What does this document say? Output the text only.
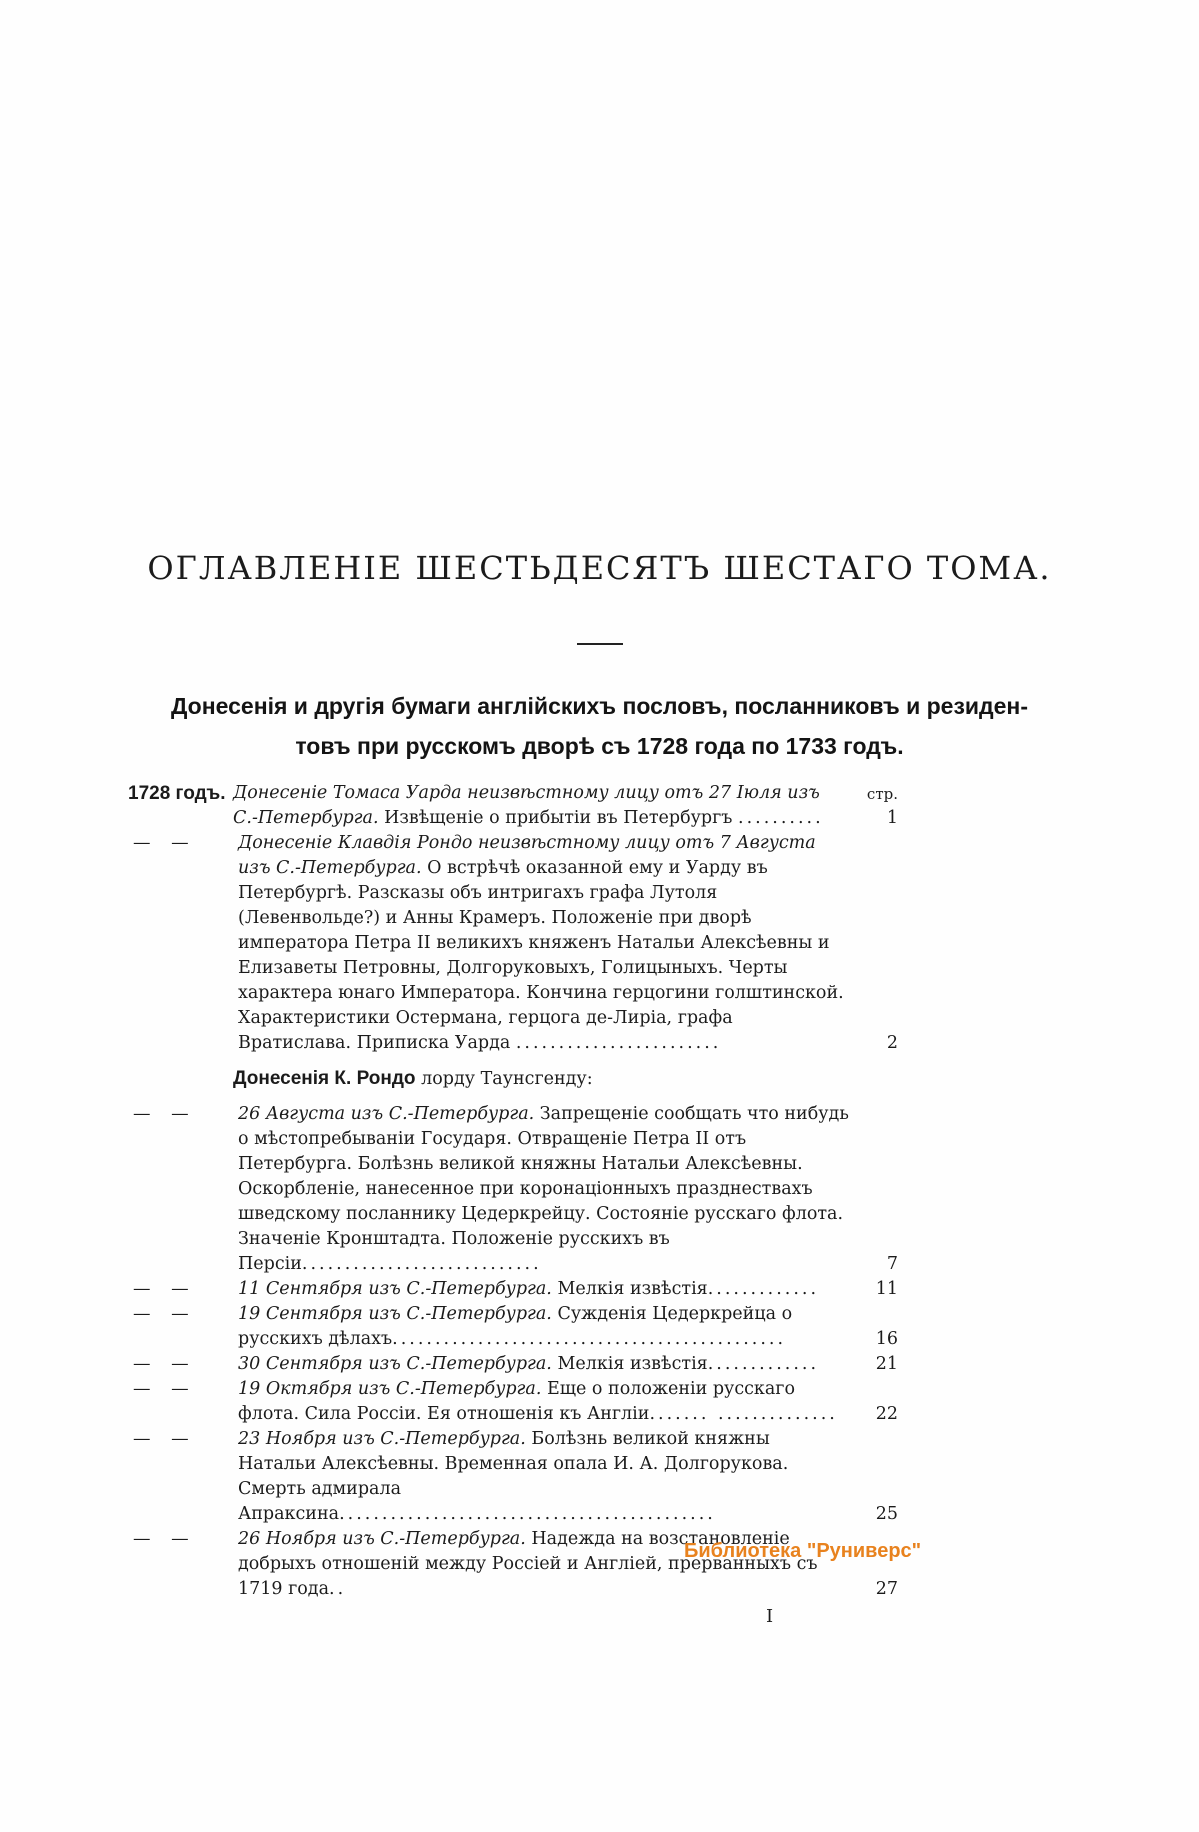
ОГЛАВЛЕНІЕ ШЕСТЬДЕСЯТЪ ШЕСТАГО ТОМА.
Донесенія и другія бумаги англійскихъ пословъ, посланниковъ и резиден-
товъ при русскомъ дворѣ съ 1728 года по 1733 годъ.
стр.
1728 годъ. Донесеніе Томаса Уарда неизвѣстному лицу отъ 27 Іюля изъ С.-Петербурга. Извѣщеніе о прибытіи въ Петербургъ ..........	1
— —	Донесеніе Клавдія Рондо неизвѣстному лицу отъ 7 Августа изъ С.-Петербурга. О встрѣчѣ оказанной ему и Уарду въ Петербургѣ. Разсказы объ интригахъ графа Лутоля (Левенвольде?) и Анны Крамеръ. Положеніе при дворѣ императора Петра II великихъ княженъ Натальи Алексѣевны и Елизаветы Петровны, Долгоруковыхъ, Голицыныхъ. Черты характера юнаго Императора. Кончина герцогини голштинской. Характеристики Остермана, герцога де-Лиріа, графа Вратислава. Приписка Уарда ........................	2
Донесенія К. Рондо лорду Таунсгенду:
— —	26 Августа изъ С.-Петербурга. Запрещеніе сообщать что нибудь о мѣстопребываніи Государя. Отвращеніе Петра II отъ Петербурга. Болѣзнь великой княжны Натальи Алексѣевны. Оскорбленіе, нанесенное при коронаціонныхъ празднествахъ шведскому посланнику Цедеркрейцу. Состояніе русскаго флота. Значеніе Кронштадта. Положеніе русскихъ въ Персіи............................	7
— —	11 Сентября изъ С.-Петербурга. Мелкія извѣстія.............	11
— —	19 Сентября изъ С.-Петербурга. Сужденія Цедеркрейца о русскихъ дѣлахъ..............................................	16
— —	30 Сентября изъ С.-Петербурга. Мелкія извѣстія.............	21
— —	19 Октября изъ С.-Петербурга. Еще о положеніи русскаго флота. Сила Россіи. Ея отношенія къ Англіи....... .............. 22
— —	23 Ноября изъ С.-Петербурга. Болѣзнь великой княжны Натальи Алексѣевны. Временная опала И. А. Долгорукова. Смерть адмирала Апраксина............................................	25
— —	26 Ноября изъ С.-Петербурга. Надежда на возстановленіе добрыхъ отношеній между Россіей и Англіей, прерванныхъ съ 1719 года..	27
I
Библиотека "Руниверс"
